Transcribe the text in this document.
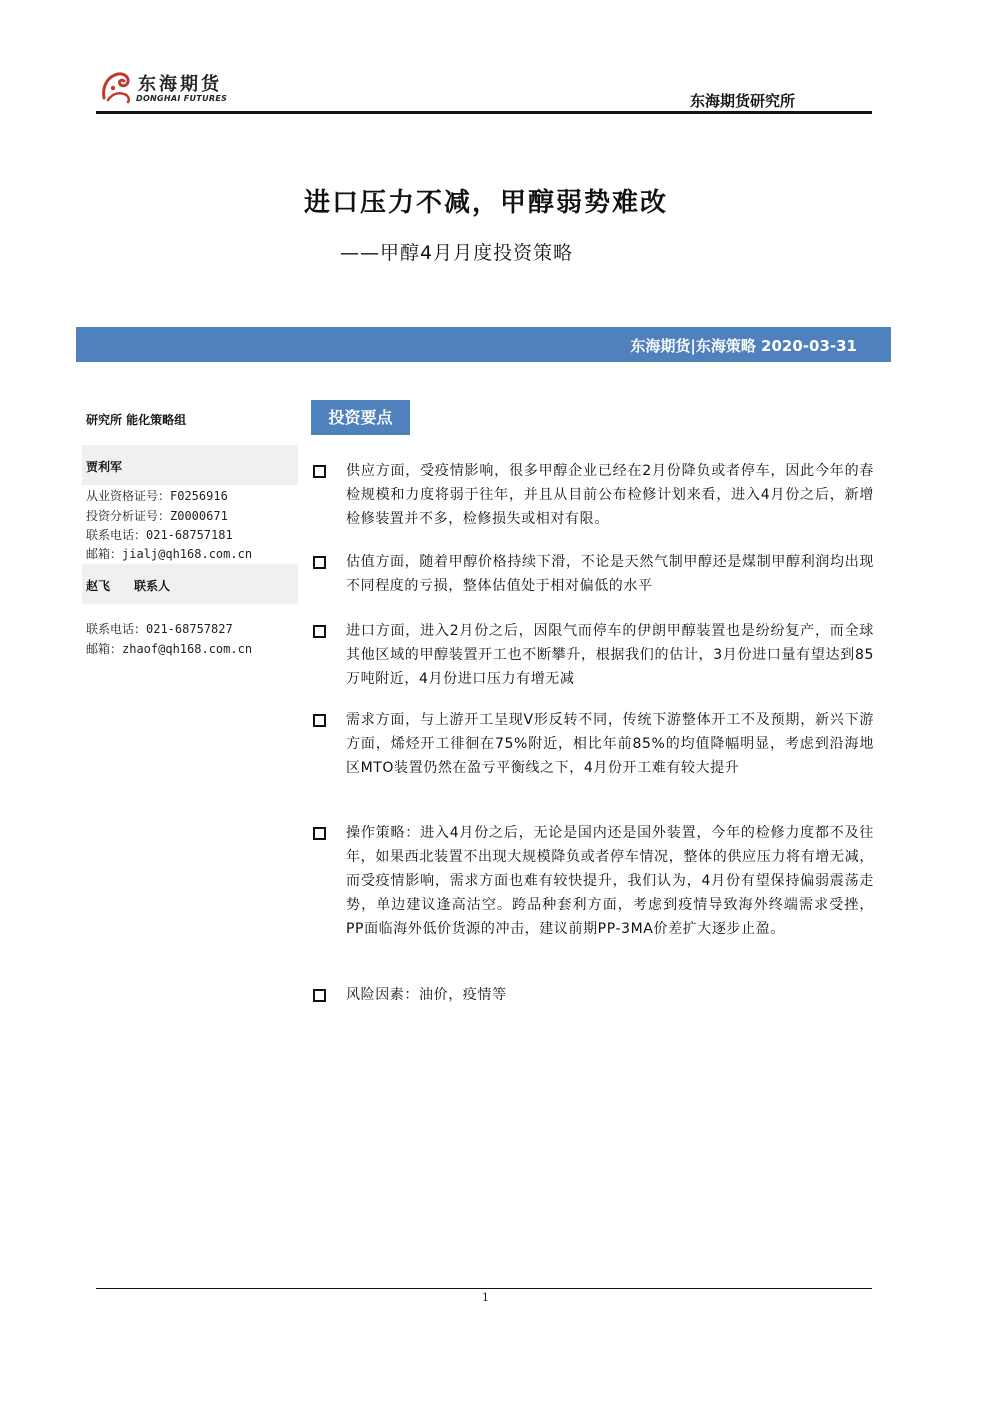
东海期货
DONGHAI FUTURES	东海期货研究所
进口压力不减，甲醇弱势难改
——甲醇4月月度投资策略
东海期货|东海策略 2020-03-31
研究所 能化策略组
贾利军
从业资格证号：F0256916
投资分析证号：Z0000671
联系电话：021-68757181
邮箱：jialj@qh168.com.cn
赵飞　　联系人
联系电话：021-68757827
邮箱：zhaof@qh168.com.cn
投资要点
供应方面，受疫情影响，很多甲醇企业已经在2月份降负或者停车，因此今年的春检规模和力度将弱于往年，并且从目前公布检修计划来看，进入4月份之后，新增检修装置并不多，检修损失或相对有限。
估值方面，随着甲醇价格持续下滑，不论是天然气制甲醇还是煤制甲醇利润均出现不同程度的亏损，整体估值处于相对偏低的水平
进口方面，进入2月份之后，因限气而停车的伊朗甲醇装置也是纷纷复产，而全球其他区域的甲醇装置开工也不断攀升，根据我们的估计，3月份进口量有望达到85万吨附近，4月份进口压力有增无减
需求方面，与上游开工呈现V形反转不同，传统下游整体开工不及预期，新兴下游方面，烯烃开工徘徊在75%附近，相比年前85%的均值降幅明显，考虑到沿海地区MTO装置仍然在盈亏平衡线之下，4月份开工难有较大提升
操作策略：进入4月份之后，无论是国内还是国外装置，今年的检修力度都不及往年，如果西北装置不出现大规模降负或者停车情况，整体的供应压力将有增无减，而受疫情影响，需求方面也难有较快提升，我们认为，4月份有望保持偏弱震荡走势，单边建议逢高沽空。跨品种套利方面，考虑到疫情导致海外终端需求受挫，PP面临海外低价货源的冲击，建议前期PP-3MA价差扩大逐步止盈。
风险因素：油价，疫情等
1
